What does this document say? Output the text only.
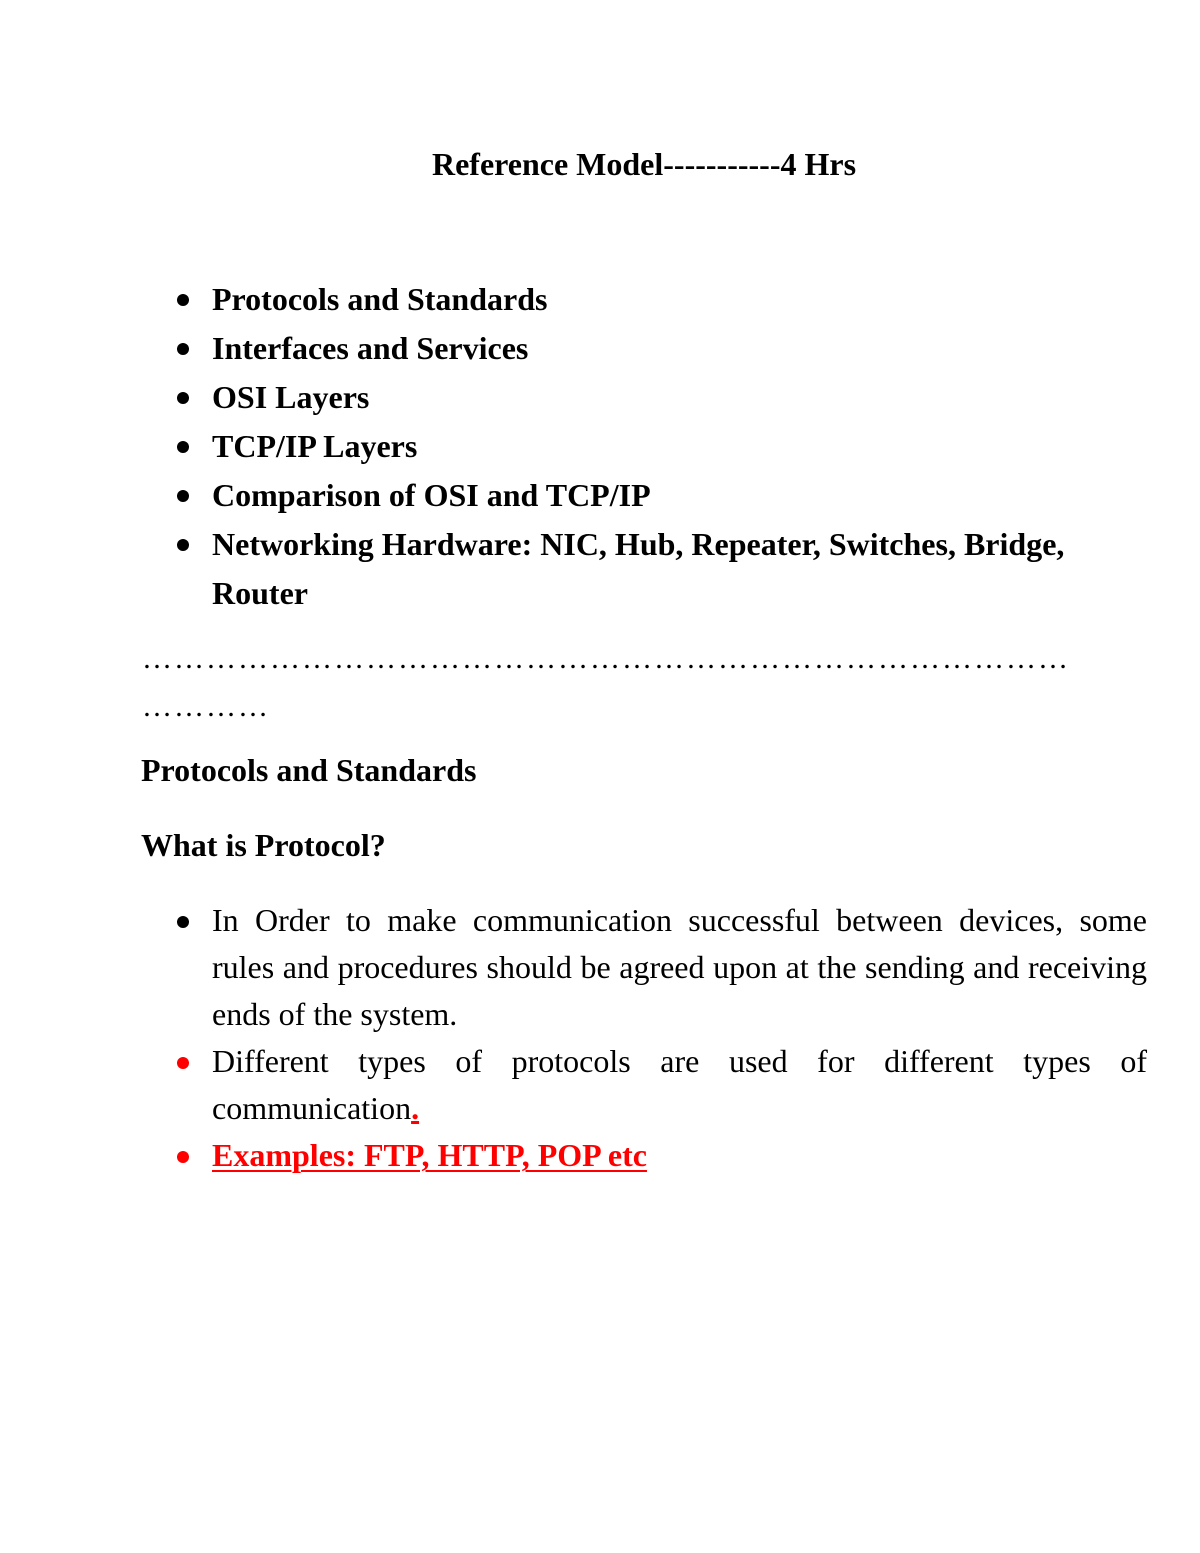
Reference Model-----------4 Hrs
Protocols and Standards
Interfaces and Services
OSI Layers
TCP/IP Layers
Comparison of OSI and TCP/IP
Networking Hardware: NIC, Hub, Repeater, Switches, Bridge, Router
……………………………………………………………………………
…………
Protocols and Standards
What is Protocol?
In Order to make communication successful between devices, some rules and procedures should be agreed upon at the sending and receiving ends of the system.
Different types of protocols are used for different types of communication.
Examples: FTP, HTTP, POP etc
